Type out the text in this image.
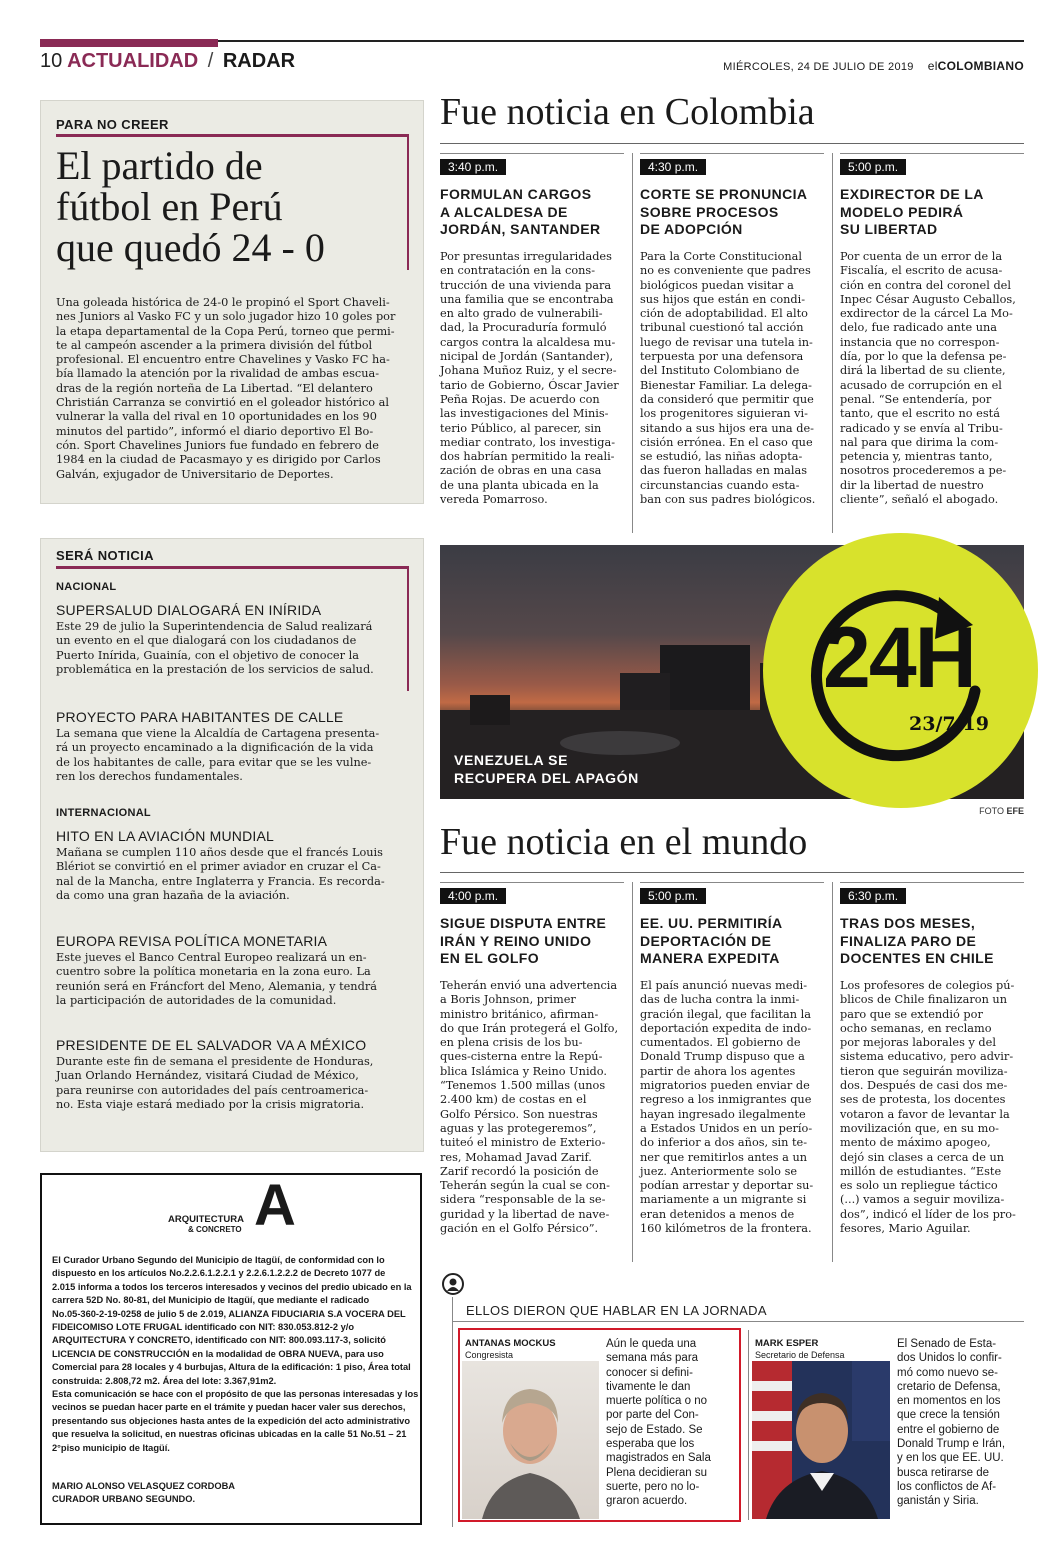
10 ACTUALIDAD / RADAR	MIÉRCOLES, 24 DE JULIO DE 2019 elCOLOMBIANO
PARA NO CREER
El partido de
fútbol en Perú
que quedó 24 - 0
Una goleada histórica de 24-0 le propinó el Sport Chaveli-
nes Juniors al Vasko FC y un solo jugador hizo 10 goles por
la etapa departamental de la Copa Perú, torneo que permi-
te al campeón ascender a la primera división del fútbol
profesional. El encuentro entre Chavelines y Vasko FC ha-
bía llamado la atención por la rivalidad de ambas escua-
dras de la región norteña de La Libertad. “El delantero
Christián Carranza se convirtió en el goleador histórico al
vulnerar la valla del rival en 10 oportunidades en los 90
minutos del partido”, informó el diario deportivo El Bo-
cón. Sport Chavelines Juniors fue fundado en febrero de
1984 en la ciudad de Pacasmayo y es dirigido por Carlos
Galván, exjugador de Universitario de Deportes.
SERÁ NOTICIA
NACIONAL
INTERNACIONAL
SUPERSALUD DIALOGARÁ EN INÍRIDA
Este 29 de julio la Superintendencia de Salud realizará
un evento en el que dialogará con los ciudadanos de
Puerto Inírida, Guainía, con el objetivo de conocer la
problemática en la prestación de los servicios de salud.
PROYECTO PARA HABITANTES DE CALLE
La semana que viene la Alcaldía de Cartagena presenta-
rá un proyecto encaminado a la dignificación de la vida
de los habitantes de calle, para evitar que se les vulne-
ren los derechos fundamentales.
HITO EN LA AVIACIÓN MUNDIAL
Mañana se cumplen 110 años desde que el francés Louis
Blériot se convirtió en el primer aviador en cruzar el Ca-
nal de la Mancha, entre Inglaterra y Francia. Es recorda-
da como una gran hazaña de la aviación.
EUROPA REVISA POLÍTICA MONETARIA
Este jueves el Banco Central Europeo realizará un en-
cuentro sobre la política monetaria en la zona euro. La
reunión será en Fráncfort del Meno, Alemania, y tendrá
la participación de autoridades de la comunidad.
PRESIDENTE DE EL SALVADOR VA A MÉXICO
Durante este fin de semana el presidente de Honduras,
Juan Orlando Hernández, visitará Ciudad de México,
para reunirse con autoridades del país centroamerica-
no. Esta viaje estará mediado por la crisis migratoria.
A
ARQUITECTURA
& CONCRETO
El Curador Urbano Segundo del Municipio de Itagüí, de conformidad con lo
dispuesto en los artículos No.2.2.6.1.2.2.1 y 2.2.6.1.2.2.2 de Decreto 1077 de
2.015 informa a todos los terceros interesados y vecinos del predio ubicado en la
carrera 52D No. 80-81, del Municipio de Itagüí, que mediante el radicado
No.05-360-2-19-0258 de julio 5 de 2.019, ALIANZA FIDUCIARIA S.A VOCERA DEL
FIDEICOMISO LOTE FRUGAL identificado con NIT: 830.053.812-2 y/o
ARQUITECTURA Y CONCRETO, identificado con NIT: 800.093.117-3, solicitó
LICENCIA DE CONSTRUCCIÓN en la modalidad de OBRA NUEVA, para uso
Comercial para 28 locales y 4 burbujas, Altura de la edificación: 1 piso, Área total
construida: 2.808,72 m2. Área del lote: 3.367,91m2.
Esta comunicación se hace con el propósito de que las personas interesadas y los
vecinos se puedan hacer parte en el trámite y puedan hacer valer sus derechos,
presentando sus objeciones hasta antes de la expedición del acto administrativo
que resuelva la solicitud, en nuestras oficinas ubicadas en la calle 51 No.51 – 21
2°piso municipio de Itagüí.
MARIO ALONSO VELASQUEZ CORDOBA
CURADOR URBANO SEGUNDO.
Fue noticia en Colombia
3:40 p.m.
FORMULAN CARGOS
A ALCALDESA DE
JORDÁN, SANTANDER
Por presuntas irregularidades
en contratación en la cons-
trucción de una vivienda para
una familia que se encontraba
en alto grado de vulnerabili-
dad, la Procuraduría formuló
cargos contra la alcaldesa mu-
nicipal de Jordán (Santander),
Johana Muñoz Ruiz, y el secre-
tario de Gobierno, Óscar Javier
Peña Rojas. De acuerdo con
las investigaciones del Minis-
terio Público, al parecer, sin
mediar contrato, los investiga-
dos habrían permitido la reali-
zación de obras en una casa
de una planta ubicada en la
vereda Pomarroso.
4:30 p.m.
CORTE SE PRONUNCIA
SOBRE PROCESOS
DE ADOPCIÓN
Para la Corte Constitucional
no es conveniente que padres
biológicos puedan visitar a
sus hijos que están en condi-
ción de adoptabilidad. El alto
tribunal cuestionó tal acción
luego de revisar una tutela in-
terpuesta por una defensora
del Instituto Colombiano de
Bienestar Familiar. La delega-
da consideró que permitir que
los progenitores siguieran vi-
sitando a sus hijos era una de-
cisión errónea. En el caso que
se estudió, las niñas adopta-
das fueron halladas en malas
circunstancias cuando esta-
ban con sus padres biológicos.
5:00 p.m.
EXDIRECTOR DE LA
MODELO PEDIRÁ
SU LIBERTAD
Por cuenta de un error de la
Fiscalía, el escrito de acusa-
ción en contra del coronel del
Inpec César Augusto Ceballos,
exdirector de la cárcel La Mo-
delo, fue radicado ante una
instancia que no correspon-
día, por lo que la defensa pe-
dirá la libertad de su cliente,
acusado de corrupción en el
penal. “Se entendería, por
tanto, que el escrito no está
radicado y se envía al Tribu-
nal para que dirima la com-
petencia y, mientras tanto,
nosotros procederemos a pe-
dir la libertad de nuestro
cliente”, señaló el abogado.
VENEZUELA SE
RECUPERA DEL APAGÓN
24H
23/7/19
FOTO EFE
Fue noticia en el mundo
4:00 p.m.
SIGUE DISPUTA ENTRE
IRÁN Y REINO UNIDO
EN EL GOLFO
Teherán envió una advertencia
a Boris Johnson, primer
ministro británico, afirman-
do que Irán protegerá el Golfo,
en plena crisis de los bu-
ques-cisterna entre la Repú-
blica Islámica y Reino Unido.
“Tenemos 1.500 millas (unos
2.400 km) de costas en el
Golfo Pérsico. Son nuestras
aguas y las protegeremos”,
tuiteó el ministro de Exterio-
res, Mohamad Javad Zarif.
Zarif recordó la posición de
Teherán según la cual se con-
sidera “responsable de la se-
guridad y la libertad de nave-
gación en el Golfo Pérsico”.
5:00 p.m.
EE. UU. PERMITIRÍA
DEPORTACIÓN DE
MANERA EXPEDITA
El país anunció nuevas medi-
das de lucha contra la inmi-
gración ilegal, que facilitan la
deportación expedita de indo-
cumentados. El gobierno de
Donald Trump dispuso que a
partir de ahora los agentes
migratorios pueden enviar de
regreso a los inmigrantes que
hayan ingresado ilegalmente
a Estados Unidos en un perío-
do inferior a dos años, sin te-
ner que remitirlos antes a un
juez. Anteriormente solo se
podían arrestar y deportar su-
mariamente a un migrante si
eran detenidos a menos de
160 kilómetros de la frontera.
6:30 p.m.
TRAS DOS MESES,
FINALIZA PARO DE
DOCENTES EN CHILE
Los profesores de colegios pú-
blicos de Chile finalizaron un
paro que se extendió por
ocho semanas, en reclamo
por mejoras laborales y del
sistema educativo, pero advir-
tieron que seguirán moviliza-
dos. Después de casi dos me-
ses de protesta, los docentes
votaron a favor de levantar la
movilización que, en su mo-
mento de máximo apogeo,
dejó sin clases a cerca de un
millón de estudiantes. “Este
es solo un repliegue táctico
(...) vamos a seguir moviliza-
dos”, indicó el líder de los pro-
fesores, Mario Aguilar.
ELLOS DIERON QUE HABLAR EN LA JORNADA
ANTANAS MOCKUS
Congresista
Aún le queda una
semana más para
conocer si defini-
tivamente le dan
muerte política o no
por parte del Con-
sejo de Estado. Se
esperaba que los
magistrados en Sala
Plena decidieran su
suerte, pero no lo-
graron acuerdo.
MARK ESPER
Secretario de Defensa
El Senado de Esta-
dos Unidos lo confir-
mó como nuevo se-
cretario de Defensa,
en momentos en los
que crece la tensión
entre el gobierno de
Donald Trump e Irán,
y en los que EE. UU.
busca retirarse de
los conflictos de Af-
ganistán y Siria.
